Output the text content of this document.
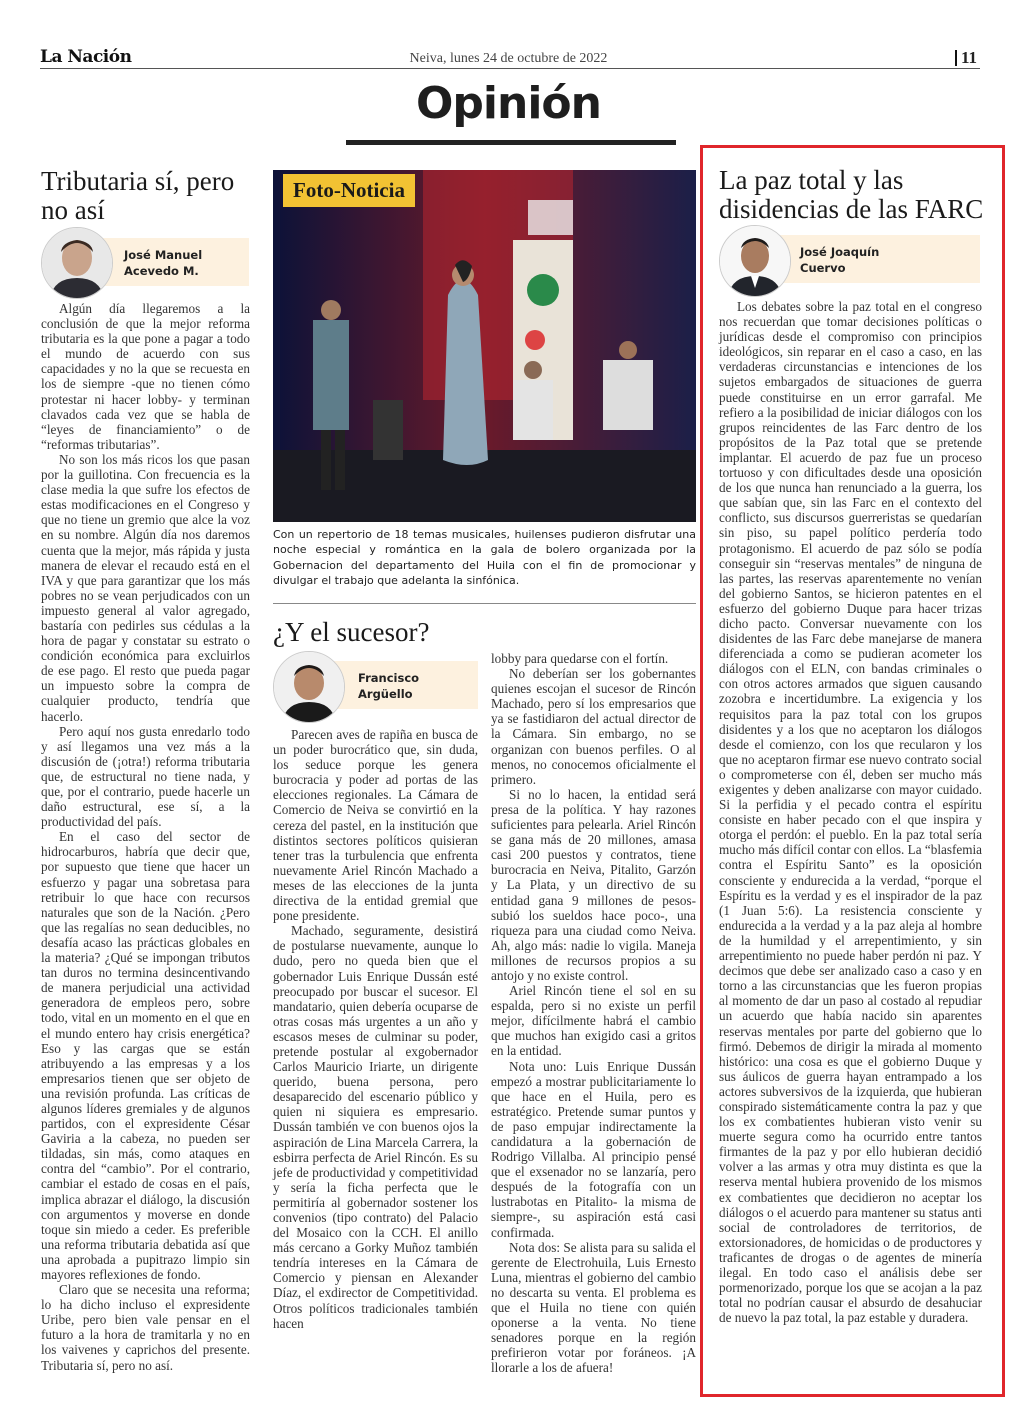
La Nación	Neiva, lunes 24 de octubre de 2022	11
Opinión
Tributaria sí, pero no así
José Manuel Acevedo M.

Algún día llegaremos a la conclusión de que la mejor reforma tributaria es la que pone a pagar a todo el mundo de acuerdo con sus capacidades y no la que se recuesta en los de siempre -que no tienen cómo protestar ni hacer lobby- y terminan clavados cada vez que se habla de “leyes de financiamiento” o de “reformas tributarias”.

No son los más ricos los que pasan por la guillotina. Con frecuencia es la clase media la que sufre los efectos de estas modificaciones en el Congreso y que no tiene un gremio que alce la voz en su nombre. Algún día nos daremos cuenta que la mejor, más rápida y justa manera de elevar el recaudo está en el IVA y que para garantizar que los más pobres no se vean perjudicados con un impuesto general al valor agregado, bastaría con pedirles sus cédulas a la hora de pagar y constatar su estrato o condición económica para excluirlos de ese pago. El resto que pueda pagar un impuesto sobre la compra de cualquier producto, tendría que hacerlo.

Pero aquí nos gusta enredarlo todo y así llegamos una vez más a la discusión de (¡otra!) reforma tributaria que, de estructural no tiene nada, y que, por el contrario, puede hacerle un daño estructural, ese sí, a la productividad del país.

En el caso del sector de hidrocarburos, habría que decir que, por supuesto que tiene que hacer un esfuerzo y pagar una sobretasa para retribuir lo que hace con recursos naturales que son de la Nación. ¿Pero que las regalías no sean deducibles, no desafía acaso las prácticas globales en la materia? ¿Qué se impongan tributos tan duros no termina desincentivando de manera perjudicial una actividad generadora de empleos pero, sobre todo, vital en un momento en el que en el mundo entero hay crisis energética? Eso y las cargas que se están atribuyendo a las empresas y a los empresarios tienen que ser objeto de una revisión profunda. Las críticas de algunos líderes gremiales y de algunos partidos, con el expresidente César Gaviria a la cabeza, no pueden ser tildadas, sin más, como ataques en contra del “cambio”. Por el contrario, cambiar el estado de cosas en el país, implica abrazar el diálogo, la discusión con argumentos y moverse en donde toque sin miedo a ceder. Es preferible una reforma tributaria debatida así que una aprobada a pupitrazo limpio sin mayores reflexiones de fondo.

Claro que se necesita una reforma; lo ha dicho incluso el expresidente Uribe, pero bien vale pensar en el futuro a la hora de tramitarla y no en los vaivenes y caprichos del presente. Tributaria sí, pero no así.

Foto-Noticia
Con un repertorio de 18 temas musicales, huilenses pudieron disfrutar una noche especial y romántica en la gala de bolero organizada por la Gobernacion del departamento del Huila con el fin de promocionar y divulgar el trabajo que adelanta la sinfónica.
¿Y el sucesor?
Francisco Argüello

Parecen aves de rapiña en busca de un poder burocrático que, sin duda, los seduce porque les genera burocracia y poder ad portas de las elecciones regionales. La Cámara de Comercio de Neiva se convirtió en la cereza del pastel, en la institución que distintos sectores políticos quisieran tener tras la turbulencia que enfrenta nuevamente Ariel Rincón Machado a meses de las elecciones de la junta directiva de la entidad gremial que pone presidente.

Machado, seguramente, desistirá de postularse nuevamente, aunque lo dudo, pero no queda bien que el gobernador Luis Enrique Dussán esté preocupado por buscar el sucesor. El mandatario, quien debería ocuparse de otras cosas más urgentes a un año y escasos meses de culminar su poder, pretende postular al exgobernador Carlos Mauricio Iriarte, un dirigente querido, buena persona, pero desaparecido del escenario público y quien ni siquiera es empresario. Dussán también ve con buenos ojos la aspiración de Lina Marcela Carrera, la esbirra perfecta de Ariel Rincón. Es su jefe de productividad y competitividad y sería la ficha perfecta que le permitiría al gobernador sostener los convenios (tipo contrato) del Palacio del Mosaico con la CCH. El anillo más cercano a Gorky Muñoz también tendría intereses en la Cámara de Comercio y piensan en Alexander Díaz, el exdirector de Competitividad. Otros políticos tradicionales también hacen

lobby para quedarse con el fortín.

No deberían ser los gobernantes quienes escojan el sucesor de Rincón Machado, pero sí los empresarios que ya se fastidiaron del actual director de la Cámara. Sin embargo, no se organizan con buenos perfiles. O al menos, no conocemos oficialmente el primero.

Si no lo hacen, la entidad será presa de la política. Y hay razones suficientes para pelearla. Ariel Rincón se gana más de 20 millones, amasa casi 200 puestos y contratos, tiene burocracia en Neiva, Pitalito, Garzón y La Plata, y un directivo de su entidad gana 9 millones de pesos- subió los sueldos hace poco-, una riqueza para una ciudad como Neiva. Ah, algo más: nadie lo vigila. Maneja millones de recursos propios a su antojo y no existe control.

Ariel Rincón tiene el sol en su espalda, pero si no existe un perfil mejor, difícilmente habrá el cambio que muchos han exigido casi a gritos en la entidad.

Nota uno: Luis Enrique Dussán empezó a mostrar publicitariamente lo que hace en el Huila, pero es estratégico. Pretende sumar puntos y de paso empujar indirectamente la candidatura a la gobernación de Rodrigo Villalba. Al principio pensé que el exsenador no se lanzaría, pero después de la fotografía con un lustrabotas en Pitalito- la misma de siempre-, su aspiración está casi confirmada.

Nota dos: Se alista para su salida el gerente de Electrohuila, Luis Ernesto Luna, mientras el gobierno del cambio no descarta su venta. El problema es que el Huila no tiene con quién oponerse a la venta. No tiene senadores porque en la región prefirieron votar por foráneos. ¡A llorarle a los de afuera!

La paz total y las disidencias de las FARC
José Joaquín Cuervo

Los debates sobre la paz total en el congreso nos recuerdan que tomar decisiones políticas o jurídicas desde el compromiso con principios ideológicos, sin reparar en el caso a caso, en las verdaderas circunstancias e intenciones de los sujetos embargados de situaciones de guerra puede constituirse en un error garrafal. Me refiero a la posibilidad de iniciar diálogos con los grupos reincidentes de las Farc dentro de los propósitos de la Paz total que se pretende implantar. El acuerdo de paz fue un proceso tortuoso y con dificultades desde una oposición de los que nunca han renunciado a la guerra, los que sabían que, sin las Farc en el contexto del conflicto, sus discursos guerreristas se quedarían sin piso, su papel político perdería todo protagonismo. El acuerdo de paz sólo se podía conseguir sin “reservas mentales” de ninguna de las partes, las reservas aparentemente no venían del gobierno Santos, se hicieron patentes en el esfuerzo del gobierno Duque para hacer trizas dicho pacto. Conversar nuevamente con los disidentes de las Farc debe manejarse de manera diferenciada a como se pudieran acometer los diálogos con el ELN, con bandas criminales o con otros actores armados que siguen causando zozobra e incertidumbre. La exigencia y los requisitos para la paz total con los grupos disidentes y a los que no aceptaron los diálogos desde el comienzo, con los que recularon y los que no aceptaron firmar ese nuevo contrato social o comprometerse con él, deben ser mucho más exigentes y deben analizarse con mayor cuidado. Si la perfidia y el pecado contra el espíritu consiste en haber pecado con el que inspira y otorga el perdón: el pueblo. En la paz total sería mucho más difícil contar con ellos. La “blasfemia contra el Espíritu Santo” es la oposición consciente y endurecida a la verdad, “porque el Espíritu es la verdad y es el inspirador de la paz (1 Juan 5:6). La resistencia consciente y endurecida a la verdad y a la paz aleja al hombre de la humildad y el arrepentimiento, y sin arrepentimiento no puede haber perdón ni paz. Y decimos que debe ser analizado caso a caso y en torno a las circunstancias que les fueron propias al momento de dar un paso al costado al repudiar un acuerdo que había nacido sin aparentes reservas mentales por parte del gobierno que lo firmó. Debemos de dirigir la mirada al momento histórico: una cosa es que el gobierno Duque y sus áulicos de guerra hayan entrampado a los actores subversivos de la izquierda, que hubieran conspirado sistemáticamente contra la paz y que los ex combatientes hubieran visto venir su muerte segura como ha ocurrido entre tantos firmantes de la paz y por ello hubieran decidió volver a las armas y otra muy distinta es que la reserva mental hubiera provenido de los mismos ex combatientes que decidieron no aceptar los diálogos o el acuerdo para mantener su status anti social de controladores de territorios, de extorsionadores, de homicidas o de productores y traficantes de drogas o de agentes de minería ilegal. En todo caso el análisis debe ser pormenorizado, porque los que se acojan a la paz total no podrían causar el absurdo de desahuciar de nuevo la paz total, la paz estable y duradera.
